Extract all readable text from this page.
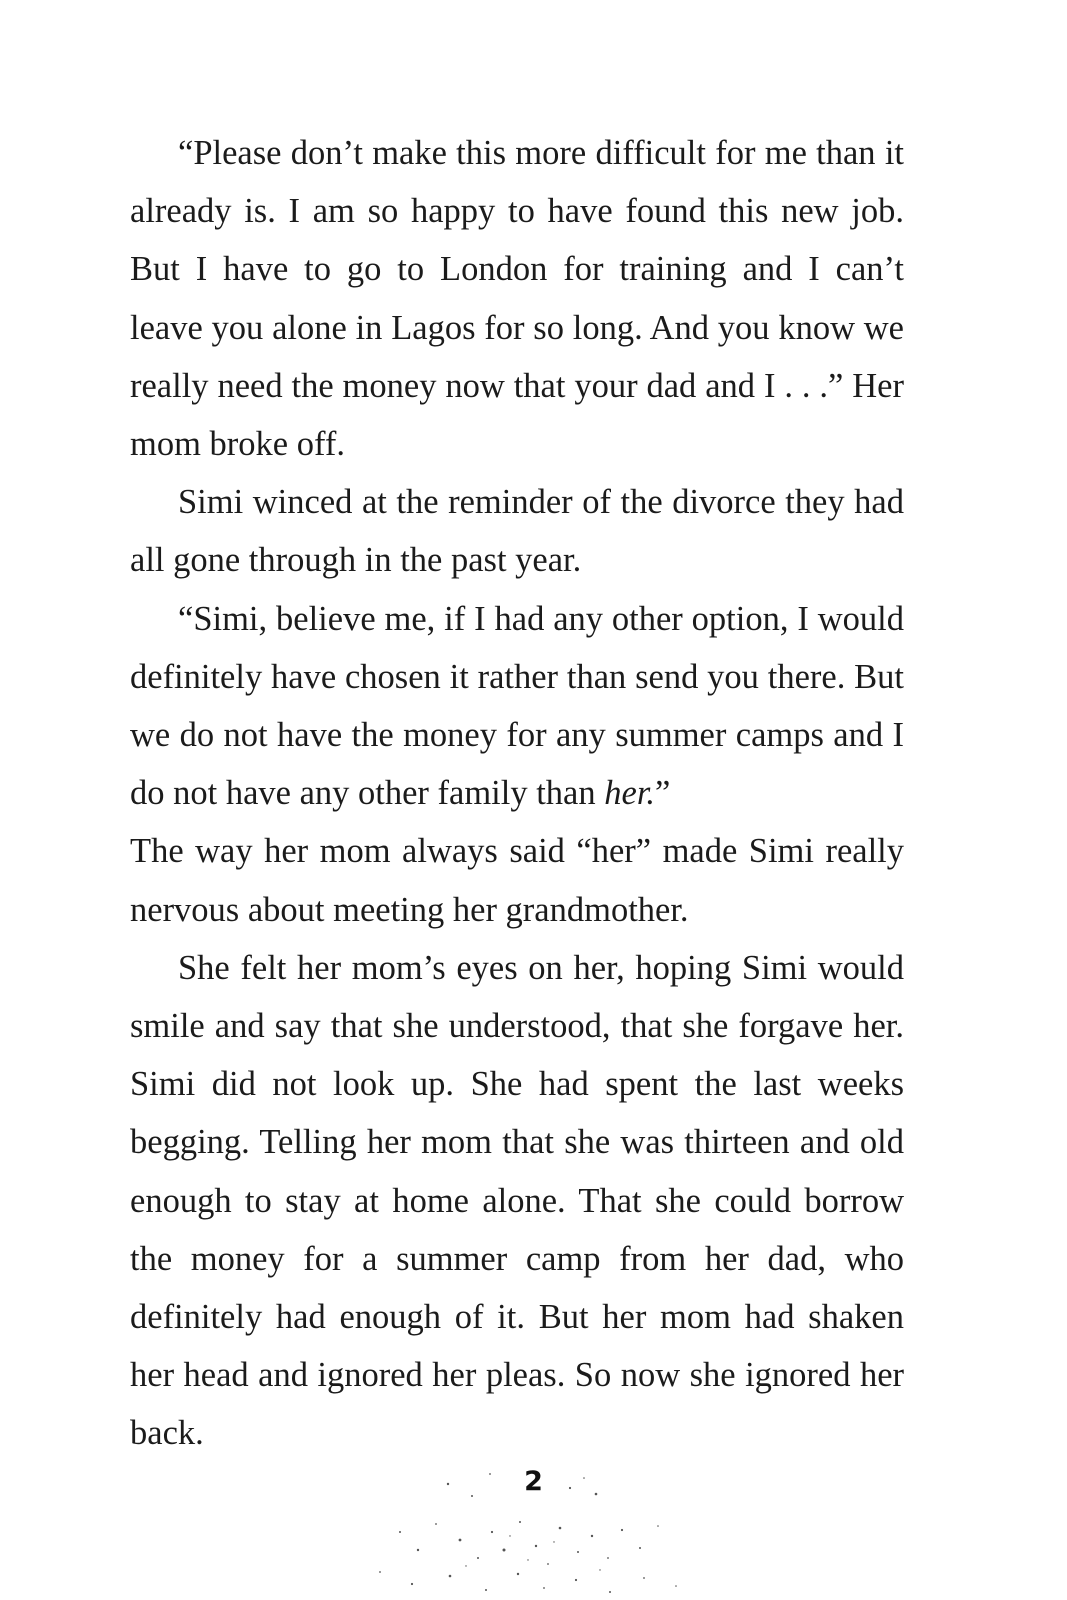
“Please don’t make this more difficult for me than it already is. I am so happy to have found this new job. But I have to go to London for training and I can’t leave you alone in Lagos for so long. And you know we really need the money now that your dad and I . . .” Her mom broke off.

Simi winced at the reminder of the divorce they had all gone through in the past year.

“Simi, believe me, if I had any other option, I would definitely have chosen it rather than send you there. But we do not have the money for any summer camps and I do not have any other family than her.”

The way her mom always said “her” made Simi really nervous about meeting her grandmother.

She felt her mom’s eyes on her, hoping Simi would smile and say that she understood, that she forgave her. Simi did not look up. She had spent the last weeks begging. Telling her mom that she was thirteen and old enough to stay at home alone. That she could borrow the money for a summer camp from her dad, who definitely had enough of it. But her mom had shaken her head and ignored her pleas. So now she ignored her back.

2
